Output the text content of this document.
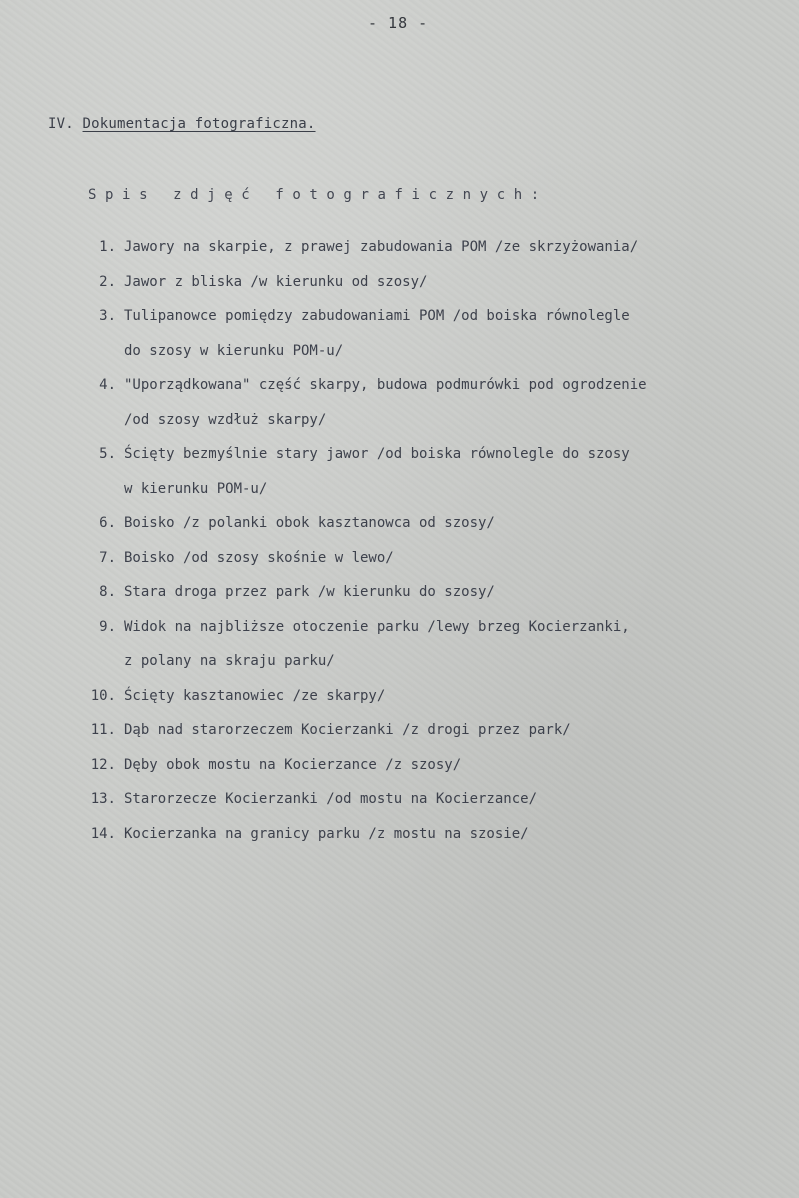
- 18 -
IV. Dokumentacja fotograficzna.
Spis zdjęć fotograficznych:
1. Jawory na skarpie, z prawej zabudowania POM /ze skrzyżowania/
2. Jawor z bliska /w kierunku od szosy/
3. Tulipanowce pomiędzy zabudowaniami POM /od boiska równolegle
do szosy w kierunku POM-u/
4. "Uporządkowana" część skarpy, budowa podmurówki pod ogrodzenie
/od szosy wzdłuż skarpy/
5. Ścięty bezmyślnie stary jawor /od boiska równolegle do szosy
w kierunku POM-u/
6. Boisko /z polanki obok kasztanowca od szosy/
7. Boisko /od szosy skośnie w lewo/
8. Stara droga przez park /w kierunku do szosy/
9. Widok na najbliższe otoczenie parku /lewy brzeg Kocierzanki,
z polany na skraju parku/
10. Ścięty kasztanowiec /ze skarpy/
11. Dąb nad starorzeczem Kocierzanki /z drogi przez park/
12. Dęby obok mostu na Kocierzance /z szosy/
13. Starorzecze Kocierzanki /od mostu na Kocierzance/
14. Kocierzanka na granicy parku /z mostu na szosie/
